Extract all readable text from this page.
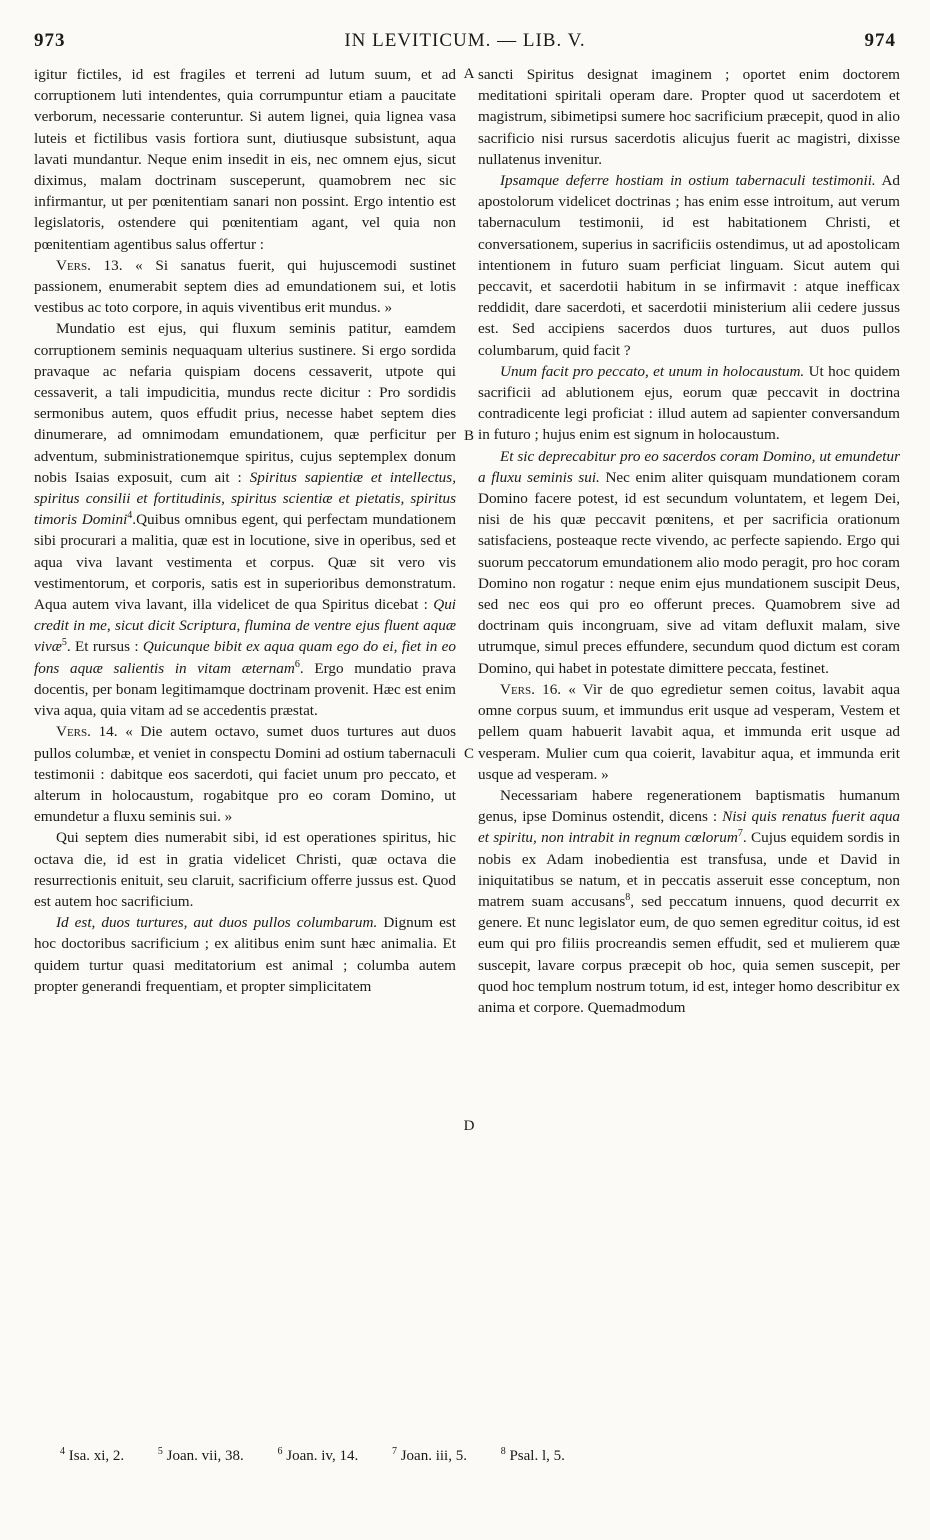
973	IN LEVITICUM. — LIB. V.	974

igitur fictiles, id est fragiles et terreni ad lutum suum, et ad corruptionem luti intendentes, quia corrumpuntur etiam a paucitate verborum, necessarie conteruntur. Si autem lignei, quia lignea vasa luteis et fictilibus vasis fortiora sunt, diutiusque subsistunt, aqua lavati mundantur. Neque enim insedit in eis, nec omnem ejus, sicut diximus, malam doctrinam susceperunt, quamobrem nec sic infirmantur, ut per pœnitentiam sanari non possint. Ergo intentio est legislatoris, ostendere qui pœnitentiam agant, vel quia non pœnitentiam agentibus salus offertur :

Vers. 13. « Si sanatus fuerit, qui hujuscemodi sustinet passionem, enumerabit septem dies ad emundationem sui, et lotis vestibus ac toto corpore, in aquis viventibus erit mundus. »

Mundatio est ejus, qui fluxum seminis patitur, eamdem corruptionem seminis nequaquam ulterius sustinere. Si ergo sordida pravaque ac nefaria quispiam docens cessaverit, utpote qui cessaverit, a tali impudicitia, mundus recte dicitur : Pro sordidis sermonibus autem, quos effudit prius, necesse habet septem dies dinumerare, ad omnimodam emundationem, quæ perficitur per adventum, subministrationemque spiritus, cujus septemplex donum nobis Isaias exposuit, cum ait : Spiritus sapientiæ et intellectus, spiritus consilii et fortitudinis, spiritus scientiæ et pietatis, spiritus timoris Domini$^4$.Quibus omnibus egent, qui perfectam mundationem sibi procurari a malitia, quæ est in locutione, sive in operibus, sed et aqua viva lavant vestimenta et corpus. Quæ sit vero vis vestimentorum, et corporis, satis est in superioribus demonstratum. Aqua autem viva lavant, illa videlicet de qua Spiritus dicebat : Qui credit in me, sicut dicit Scriptura, flumina de ventre ejus fluent aquæ vivæ$^5$. Et rursus : Quicunque bibit ex aqua quam ego do ei, fiet in eo fons aquæ salientis in vitam æternam$^6$. Ergo mundatio prava docentis, per bonam legitimamque doctrinam provenit. Hæc est enim viva aqua, quia vitam ad se accedentis præstat.

Vers. 14. « Die autem octavo, sumet duos turtures aut duos pullos columbæ, et veniet in conspectu Domini ad ostium tabernaculi testimonii : dabitque eos sacerdoti, qui faciet unum pro peccato, et alterum in holocaustum, rogabitque pro eo coram Domino, ut emundetur a fluxu seminis sui. »

Qui septem dies numerabit sibi, id est operationes spiritus, hic octava die, id est in gratia videlicet Christi, quæ octava die resurrectionis enituit, seu claruit, sacrificium offerre jussus est. Quod est autem hoc sacrificium.

Id est, duos turtures, aut duos pullos columbarum. Dignum est hoc doctoribus sacrificium ; ex alitibus enim sunt hæc animalia. Et quidem turtur quasi meditatorium est animal ; columba autem propter generandi frequentiam, et propter simplicitatem

A
B
C
D

sancti Spiritus designat imaginem ; oportet enim doctorem meditationi spiritali operam dare. Propter quod ut sacerdotem et magistrum, sibimetipsi sumere hoc sacrificium præcepit, quod in alio sacrificio nisi rursus sacerdotis alicujus fuerit ac magistri, dixisse nullatenus invenitur.

Ipsamque deferre hostiam in ostium tabernaculi testimonii. Ad apostolorum videlicet doctrinas ; has enim esse introitum, aut verum tabernaculum testimonii, id est habitationem Christi, et conversationem, superius in sacrificiis ostendimus, ut ad apostolicam intentionem in futuro suam perficiat linguam. Sicut autem qui peccavit, et sacerdotii habitum in se infirmavit : atque inefficax reddidit, dare sacerdoti, et sacerdotii ministerium alii cedere jussus est. Sed accipiens sacerdos duos turtures, aut duos pullos columbarum, quid facit ?

Unum facit pro peccato, et unum in holocaustum. Ut hoc quidem sacrificii ad ablutionem ejus, eorum quæ peccavit in doctrina contradicente legi proficiat : illud autem ad sapienter conversandum in futuro ; hujus enim est signum in holocaustum.

Et sic deprecabitur pro eo sacerdos coram Domino, ut emundetur a fluxu seminis sui. Nec enim aliter quisquam mundationem coram Domino facere potest, id est secundum voluntatem, et legem Dei, nisi de his quæ peccavit pœnitens, et per sacrificia orationum satisfaciens, posteaque recte vivendo, ac perfecte sapiendo. Ergo qui suorum peccatorum emundationem alio modo peragit, pro hoc coram Domino non rogatur : neque enim ejus mundationem suscipit Deus, sed nec eos qui pro eo offerunt preces. Quamobrem sive ad doctrinam quis incongruam, sive ad vitam defluxit malam, sive utrumque, simul preces effundere, secundum quod dictum est coram Domino, qui habet in potestate dimittere peccata, festinet.

Vers. 16. « Vir de quo egredietur semen coitus, lavabit aqua omne corpus suum, et immundus erit usque ad vesperam, Vestem et pellem quam habuerit lavabit aqua, et immunda erit usque ad vesperam. Mulier cum qua coierit, lavabitur aqua, et immunda erit usque ad vesperam. »

Necessariam habere regenerationem baptismatis humanum genus, ipse Dominus ostendit, dicens : Nisi quis renatus fuerit aqua et spiritu, non intrabit in regnum cœlorum$^7$. Cujus equidem sordis in nobis ex Adam inobedientia est transfusa, unde et David in iniquitatibus se natum, et in peccatis asseruit esse conceptum, non matrem suam accusans$^8$, sed peccatum innuens, quod decurrit ex genere. Et nunc legislator eum, de quo semen egreditur coitus, id est eum qui pro filiis procreandis semen effudit, sed et mulierem quæ suscepit, lavare corpus præcepit ob hoc, quia semen suscepit, per quod hoc templum nostrum totum, id est, integer homo describitur ex anima et corpore. Quemadmodum

$^4$ Isa. xi, 2.	$^5$ Joan. vii, 38.	$^6$ Joan. iv, 14.	$^7$ Joan. iii, 5.	$^8$ Psal. l, 5.
